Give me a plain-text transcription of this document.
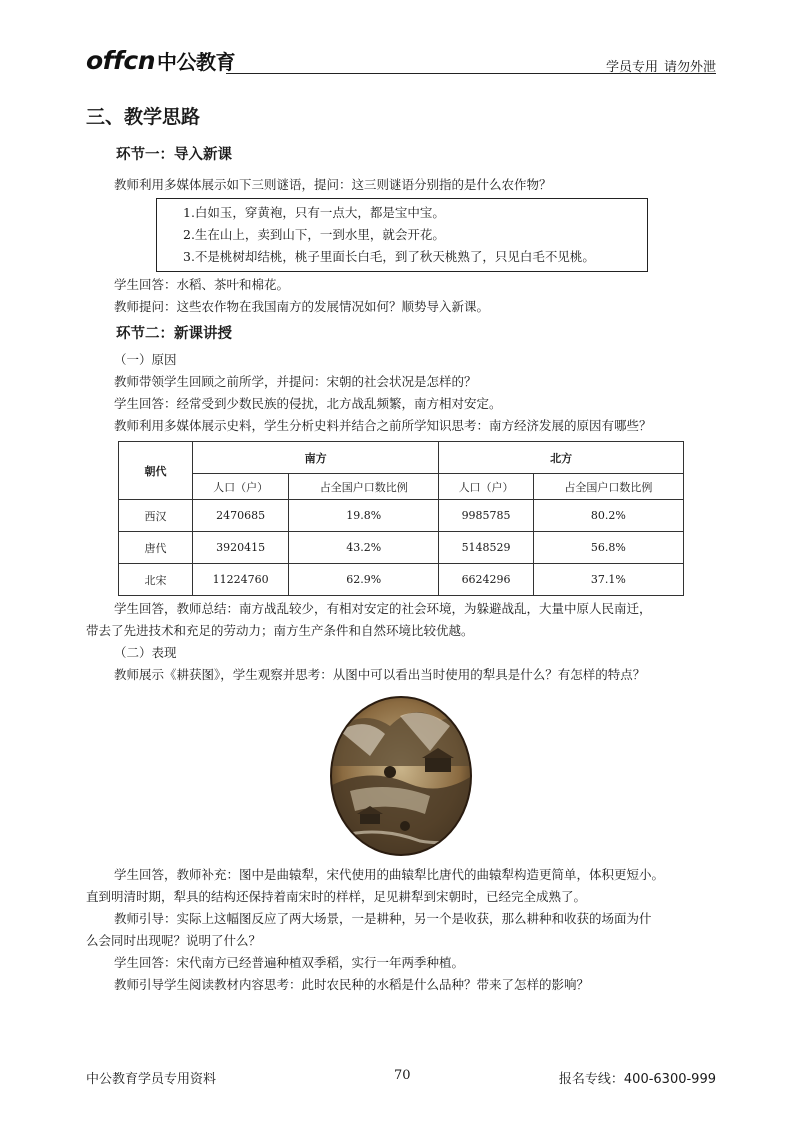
offcn 中公教育	学员专用 请勿外泄
三、教学思路
环节一：导入新课
教师利用多媒体展示如下三则谜语，提问：这三则谜语分别指的是什么农作物？
1.白如玉，穿黄袍，只有一点大，都是宝中宝。
2.生在山上，卖到山下，一到水里，就会开花。
3.不是桃树却结桃，桃子里面长白毛，到了秋天桃熟了，只见白毛不见桃。
学生回答：水稻、茶叶和棉花。
教师提问：这些农作物在我国南方的发展情况如何？顺势导入新课。
环节二：新课讲授
（一）原因
教师带领学生回顾之前所学，并提问：宋朝的社会状况是怎样的？
学生回答：经常受到少数民族的侵扰，北方战乱频繁，南方相对安定。
教师利用多媒体展示史料，学生分析史料并结合之前所学知识思考：南方经济发展的原因有哪些？
朝代	南方		北方	
	人口（户）	占全国户口数比例	人口（户）	占全国户口数比例
西汉	2470685	19.8%	9985785	80.2%
唐代	3920415	43.2%	5148529	56.8%
北宋	11224760	62.9%	6624296	37.1%
学生回答，教师总结：南方战乱较少，有相对安定的社会环境，为躲避战乱，大量中原人民南迁，
带去了先进技术和充足的劳动力；南方生产条件和自然环境比较优越。
（二）表现
教师展示《耕获图》，学生观察并思考：从图中可以看出当时使用的犁具是什么？有怎样的特点？
学生回答，教师补充：图中是曲辕犁，宋代使用的曲辕犁比唐代的曲辕犁构造更简单，体积更短小。
直到明清时期，犁具的结构还保持着南宋时的样样，足见耕犁到宋朝时，已经完全成熟了。
教师引导：实际上这幅图反应了两大场景，一是耕种，另一个是收获，那么耕种和收获的场面为什
么会同时出现呢？说明了什么？
学生回答：宋代南方已经普遍种植双季稻，实行一年两季种植。
教师引导学生阅读教材内容思考：此时农民种的水稻是什么品种？带来了怎样的影响？
中公教育学员专用资料	70	报名专线：400-6300-999
